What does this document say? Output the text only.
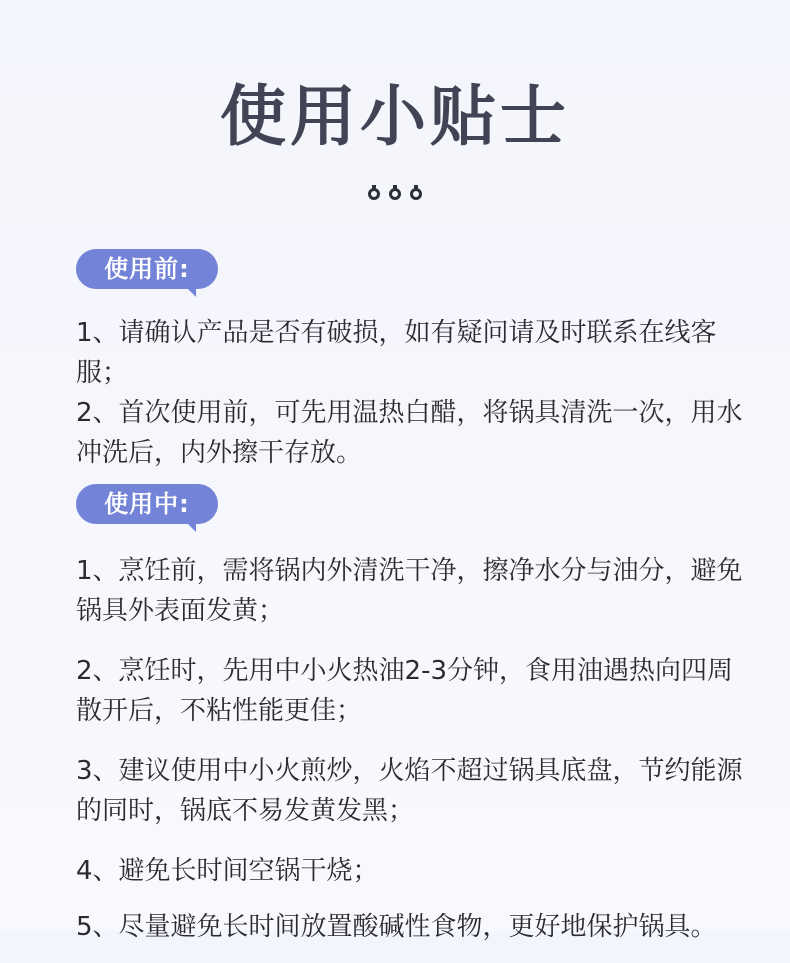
使用小贴士
使用前:
1、请确认产品是否有破损，如有疑问请及时联系在线客服；
2、首次使用前，可先用温热白醋，将锅具清洗一次，用水冲洗后，内外擦干存放。
使用中:
1、烹饪前，需将锅内外清洗干净，擦净水分与油分，避免锅具外表面发黄；
2、烹饪时，先用中小火热油2-3分钟，食用油遇热向四周散开后，不粘性能更佳；
3、建议使用中小火煎炒，火焰不超过锅具底盘，节约能源的同时，锅底不易发黄发黑；
4、避免长时间空锅干烧；
5、尽量避免长时间放置酸碱性食物，更好地保护锅具。
